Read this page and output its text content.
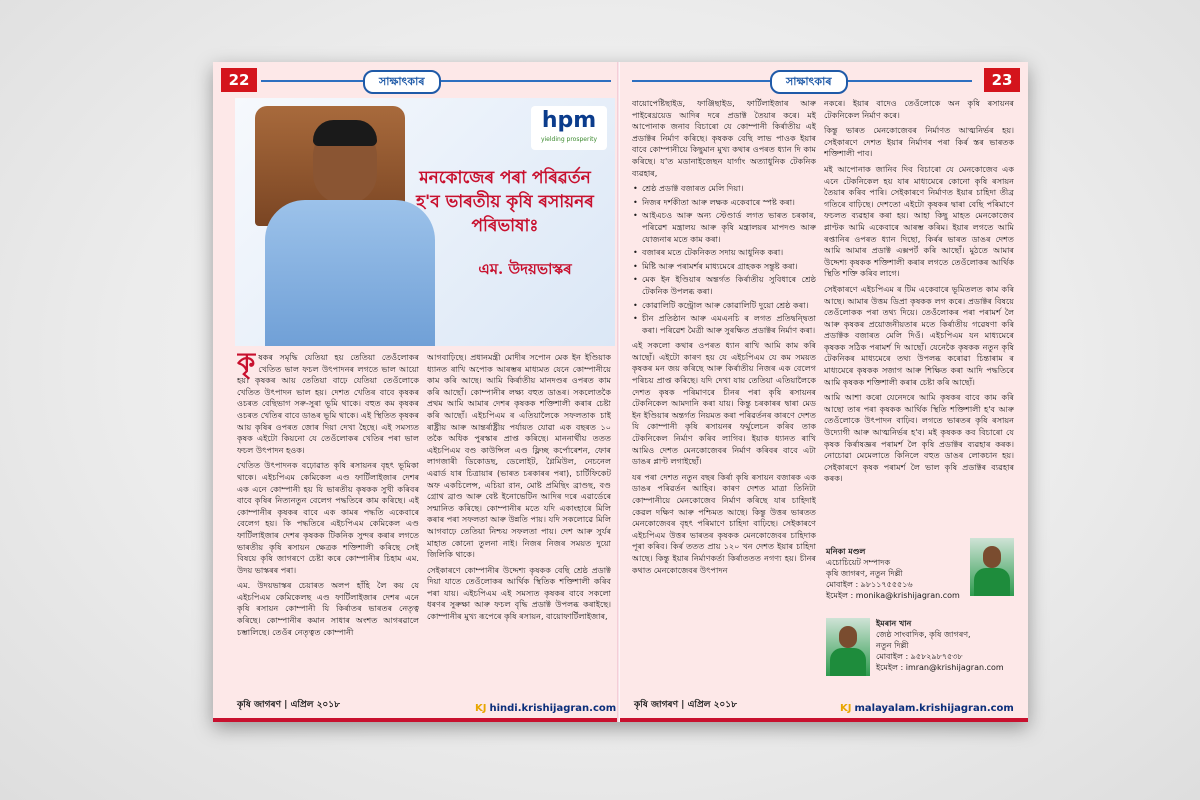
22	সাক্ষাৎকাৰ
hpm
yielding prosperity
মনকোজেৰ পৰা পৰিৱৰ্তন
হ'ব ভাৰতীয় কৃষি ৰসায়নৰ
পৰিভাষাঃ
এম. উদয়ভাস্কৰ

কৃষকৰ সমৃদ্ধি যেতিয়া হয় তেতিয়া তেওঁলোকৰ খেতিত ভাল ফচল উৎপাদনৰ লগতে ভাল আয়ো হয়। কৃষকৰ আয় তেতিয়া বাঢ়ে যেতিয়া তেওঁলোকে খেতিত উৎপাদন ভাল হয়। দেশত খেতিৰ বাবে কৃষকৰ ওচৰত বেছিভাগ সৰু-সুৰা ভূমি থাকে। বহুত কম কৃষকৰ ওচৰত খেতিৰ বাবে ডাঙৰ ভূমি থাকে। এই স্থিতিত কৃষকৰ আয় কৃষিৰ ওপৰত জোৰ দিয়া দেখা হৈছে। এই সমস্যত কৃষক এইটো কিয়নো যে তেওঁলোকৰ খেতিৰ পৰা ভাল ফচল উৎপাদন হওক।

খেতিত উৎপাদনক বঢ়োৱাত কৃষি ৰসায়নৰ বৃহৎ ভূমিকা থাকে। এইচপিএম কেমিকেল এণ্ড ফাৰ্টিলাইজাৰ দেশৰ এক এনে কোম্পানী হয় যি ভাৰতীয় কৃষকক সুখী কৰিবৰ বাবে কৃষিৰ নিত্যনতুন বেলেগ পদ্ধতিৰে কাম কৰিছে। এই কোম্পানীৰ কৃষকৰ বাবে এক কামৰ পদ্ধতি একেবাৰে বেলেগ হয়। কি পদ্ধতিৰে এইচপিএম কেমিকেল এণ্ড ফাৰ্টিলাইজাৰ দেশৰ কৃষকক টিকনিক সুন্দৰ কৰাৰ লগতে ভাৰতীয় কৃষি ৰসায়ন ক্ষেত্ৰক শক্তিশালী কৰিছে সেই বিষয়ে কৃষি জাগৰণে চেষ্টা কৰে কোম্পানীৰ চিহাম এম. উদয় ভাস্কৰৰ পৰা।

এম. উদয়ভাস্কৰ চেয়াৰত অলপ হাঁহি লৈ কয় যে এইচপিএম কেমিকেলছ এণ্ড ফাৰ্টিলাইজাৰ দেশৰ এনে কৃষি ৰসায়ন কোম্পানী যি কিৰ্ৰাতৰ ভাৰতৰ নেতৃত্ব কৰিছে। কোম্পানীৰ কমান সাধাৰ অংশত আগৰৱালে চম্ভালিছে। তেওঁৰ নেতৃত্বত কোম্পানী

আগবাঢ়িছে। প্ৰধানমন্ত্ৰী মোদীৰ সপোন মেক ইন ইণ্ডিয়াক ধ্যানত ৰাখি অপোক আৰম্ভৰ মাধ্যমত যেনে কোম্পানীয়ে কাম কৰি আছে। আমি কিৰ্ৰাতীয় মানদণ্ডৰ ওপৰত কাম কৰি আছোঁ। কোম্পানীৰ লক্ষ্য বহুত ডাঙৰ। সকলোতকৈ প্ৰথম আমি আমাৰ দেশৰ কৃষকক শক্তিশালী কৰাৰ চেষ্টা কৰি আছোঁ। এইচপিএম ৰ এতিয়ালৈকে সফলতাক চাই ৰাষ্ট্ৰীয় আৰু আন্তৰ্ৰাষ্ট্ৰীয় পৰ্যায়ত যোৱা এক বছৰত ১০ তকৈ অধিক পুৰস্কাৰ প্ৰাপ্ত কৰিছে। মাননাৰ্থীয় ততত এইচপিএম বণ্ড কাউন্সিল এণ্ড ফ্লিচ্ছ কৰ্পোৰেশন, ফোৰ লাগজাৰী ডিকোডছ, ডেলোইট, গ্লৈমিউল, নেচনেল এৱাৰ্ড যাৰ চিত্ৰায়াৰ (ভাৰত চৰকাৰৰ পৰা), চাৰ্টিফিকেট অফ একচিলেন্স, এচিয়া রান, মোষ্ট প্ৰমিছিং ব্ৰাণ্ডছ, বণ্ড গ্ৰোথ ব্ৰাণ্ড আৰু বেষ্ট ইনোভেটিন আদিৰ দৰে এৱাৰ্ডেৰে সন্মানিত কৰিছে। কোম্পানীৰ মতে যদি একাংহাৰে মিলি কৰাৰ পৰা সফলতা আৰু উন্নতি পায়। যদি সকলোৱে মিলি আগবাঢ়ে তেতিয়া নিশ্চয় সফলতা পায়। দেশ আৰু সুৰ্যৰ মাহাত কোনো তুলনা নাই। নিজৰ নিজৰ সময়ত দুয়ো জিলিকি থাকে।

সেইকাৰণে কোম্পানীৰ উদ্দেশ্য কৃষকক বেছি শ্ৰেষ্ঠ প্ৰডাক্ট দিয়া যাতে তেওঁলোকৰ আৰ্থিক স্থিতিক শক্তিশালী কৰিব পৰা যায়। এইচপিএম এই সমস্যত কৃষকৰ বাবে সকলো ধৰণৰ সুৰুক্ষা আৰু ফচল বৃদ্ধি প্ৰডাক্ট উপলব্ধ কৰাইছে। কোম্পানীৰ মুখ্য ৰূপেৰে কৃষি ৰসায়ন, বায়োফাৰ্টিলাইজাৰ,

কৃষি জাগৰণ | এপ্ৰিল ২০১৮	KJ hindi.krishijagran.com
সাক্ষাৎকাৰ	23

বায়োপেষ্টিছাইড, ফাঞ্জিছাইড, ফাৰ্টিলাইজাৰ আৰু পাইৰেথ্ৰয়েড আদিৰ দৰে প্ৰডাক্ট তৈয়াৰ কৰে। মই আপোনাক জনাব বিচাৰো যে কোম্পানী কিৰ্ৰাতীয় এই প্ৰডাক্টৰ নিৰ্মাণ কৰিছে। কৃষকক বেছি লাভ পাওক ইয়াৰ বাবে কোম্পানীয়ে কিছুমান মুখ্য কথাৰ ওপৰত ধ্যান দি কাম কৰিছে। য'ত মডানাইজেছন যাৰ্গাং অত্যাধুনিক টেকনিক ব্যৱহাৰ,

• শ্ৰেষ্ঠ প্ৰডাক্ট বজাৰত মেলি দিয়া।
• নিজৰ দৰ্শকীতা আৰু লক্ষক একেবাৰে স্পষ্ট কৰা।
• আইএচও আৰু অন্য স্টেণ্ডাৰ্ড লগত ভাৰত চৰকাৰ, পৰিৱেশ মন্ত্ৰালয় আৰু কৃষি মন্ত্ৰালয়ৰ মাপদণ্ড আৰু যোজনাৰ মতে কাম কৰা।
• বজাৰৰ মতে টেকনিকত সদায় আধুনিক কৰা।
• মিষ্টি আৰু পৰামৰ্শৰ মাধ্যমেৰে গ্ৰাহকক সন্তুষ্ট কৰা।
• মেক ইন ইণ্ডিয়াৰ অন্তৰ্গত কিৰ্ৰাতীয় সুবিধাৰে শ্ৰেষ্ঠ টেকনিক উপলব্ধ কৰা।
• কোৱালিটি কন্ট্ৰোল আৰু কোৱালিটি দুয়ো শ্ৰেষ্ঠ কৰা।
• চীন প্ৰতিষ্ঠান আৰু এমএনচি ৰ লগত প্ৰতিদ্বন্দ্বিতা কৰা। পৰিৱেশ মৈত্ৰী আৰু সুৰক্ষিত প্ৰডাক্টৰ নিৰ্মাণ কৰা।

এই সকলো কথাৰ ওপৰত ধ্যান ৰাখি আমি কাম কৰি আছোঁ। এইটো কাৰণ হয় যে এইচপিএম যে কম সময়ত কৃষকৰ মন জয় কৰিছে আৰু কিৰ্ৰাতীয় নিজৰ এক বেলেগ পৰিচয় প্ৰাপ্ত কৰিছে। যদি দেখা যায় তেতিয়া এতিয়ালৈকে দেশত কৃষক পৰিমাণৰে চীনৰ পৰা কৃষি ৰসায়নৰ টেকনিকেল আমদানি কৰা যায়। কিন্তু চৰকাৰৰ দ্বাৰা মেড ইন ইণ্ডিয়াৰ অন্তৰ্গত নিয়মত কৰা পৰিৱৰ্তনৰ কাৰণে দেশত যি কোম্পানী কৃষি ৰসায়নৰ ফৰ্মুলেচন কৰিব তাক টেকনিকেল নিৰ্মাণ কৰিব লাগিব। ইয়াক ধ্যানত ৰাখি আমিও দেশত মেনকোজেবৰ নিৰ্মাণ কৰিবৰ বাবে এটা ডাঙৰ প্লাণ্ট লগাইছোঁ।

যৰ পৰা দেশত নতুন বছৰ কিৰ্ৰা কৃষি ৰসায়ন বজাৰক এক ডাঙৰ পৰিৱৰ্তন আহিব। কাৰণ দেশত মাত্ৰা তিনিটা কোম্পানীয়ে মেনকোজেব নিৰ্মাণ কৰিছে যাৰ চাহিদাই কেৱল দক্ষিণ আৰু পশ্চিমত আছে। কিন্তু উত্তৰ ভাৰতত মেনকোজেবৰ বৃহৎ পৰিমাণে চাহিদা বাঢ়িছে। সেইকাৰণে এইচপিএম উত্তৰ ভাৰতৰ কৃষকক মেনকোজেবৰ চাহিদাক পূৰা কৰিব। কিৰ্ৰ ততত প্ৰায় ১২০ খন দেশত ইয়াৰ চাহিদা আছে। কিন্তু ইয়াৰ নিৰ্মাণকৰ্তা কিৰ্ৰাততত নগণ্য হয়। চীনৰ কথাত মেনকোজেবৰ উৎপাদন

নকৰে। ইয়াৰ বাদেও তেওঁলোকে অন কৃষি ৰসায়নৰ টেকনিকেল নিৰ্মাণ কৰে।

কিন্তু ভাৰত মেনকোজেবৰ নিৰ্মাণত আত্মনিৰ্ভৰ হয়। সেইকাৰণে দেশত ইয়াৰ নিৰ্মাণৰ পৰা কিৰ্ৰ স্তৰ ভাৰতক শক্তিশালী পাব।

মই আপোনাক জানিব দিব বিচাৰো যে মেনকোজেব এক এনে টেকনিকেল হয় যাৰ মাধ্যমেৰে কোনো কৃষি ৰসায়ন তৈয়াৰ কৰিব পাৰি। সেইকাৰণে নিৰ্মাণত ইয়াৰ চাহিদা তীব্ৰ গতিৰে বাঢ়িছে। দেশতো এইটো কৃষকৰ দ্বাৰা বেছি পৰিমাণে ফচলত ব্যৱহাৰ কৰা হয়। আহা কিছু মাহত মেনকোজেব প্লাণ্টক আমি একেবাৰে আৰম্ভ কৰিম। ইয়াৰ লগতে আমি ৰপ্তানিৰ ওপৰত ধ্যান দিছো, কিৰ্ৰৰ ভাৰত ডাঙৰ দেশত আমি আমাৰ প্ৰডাক্ট এক্সপৰ্ট কৰি আছোঁ। মুঠতে আমাৰ উদ্দেশ্য কৃষকক শক্তিশালী কৰাৰ লগতে তেওঁলোকৰ আৰ্থিক স্থিতি শক্তি কৰিব লাগে।

সেইকাৰণে এইচপিএম ৰ টিম একেবাৰে ভূমিতলত কাম কৰি আছে। আমাৰ উত্তম ডিপ্ৰা কৃষকক লগ কৰে। প্ৰডাক্টৰ বিষয়ে তেওঁলোকক পৰা তথ্য দিয়ে। তেওঁলোকৰ পৰা পৰামৰ্শ লৈ আৰু কৃষকৰ প্ৰয়োজনীয়তাৰ মতে কিৰ্ৰাতীয় গৱেষণা কৰি প্ৰডাক্টক বজাৰত মেলি দিওঁ। এইচপিএম যন মাধ্যমেৰে কৃষকক সঠিক পৰামৰ্শ দি আছোঁ। যেনেকৈ কৃষকক নতুন কৃষি টেকনিকৰ মাধ্যমেৰে তথ্য উপলব্ধ কৰোৱা চিন্তাৰাম ৰ মাধ্যমেৰে কৃষকক সজাগ আৰু শিক্ষিত কৰা আদি পদ্ধতিৰে আমি কৃষকক শক্তিশালী কৰাৰ চেষ্টা কৰি আছোঁ।

আমি আশা কৰো যেনেদৰে আমি কৃষকৰ বাবে কাম কৰি আছো তাৰ পৰা কৃষকক আৰ্থিক স্থিতি শক্তিশালী হ'ব আৰু তেওঁলোকে উৎপাদন বাঢ়িব। লগতে ভাৰতৰ কৃষি ৰসায়ন উদ্যোগী আৰু আত্মনিৰ্ভৰ হ'ব। মই কৃষকক কব বিচাৰো যে কৃষক কিৰ্ৰাষজ্ঞৰ পৰামৰ্শ লৈ কৃষি প্ৰডাক্টৰ ব্যৱহাৰ কৰক। নোচোৱা মেমেলাতে কিনিলে বহুত ডাঙৰ লোকচান হয়। সেইকাৰণে কৃষক পৰামৰ্শ লৈ ভাল কৃষি প্ৰডাক্টৰ ব্যৱহাৰ কৰক।

মনিকা মণ্ডল
এচোচিয়েট সম্পাদক
কৃষি জাগৰণ, নতুন দিল্লী
মোবাইল : ৯৮১১৭৫৫৫১৬
ইমেইল : monika@krishijagran.com
ইমৰান খান
জেষ্ঠ সাংবাদিক, কৃষি জাগৰণ,
নতুন দিল্লী
মোবাইল : ৯৫৮২৯৮৭৫৩৮
ইমেইল : imran@krishijagran.com
কৃষি জাগৰণ | এপ্ৰিল ২০১৮	KJ malayalam.krishijagran.com
